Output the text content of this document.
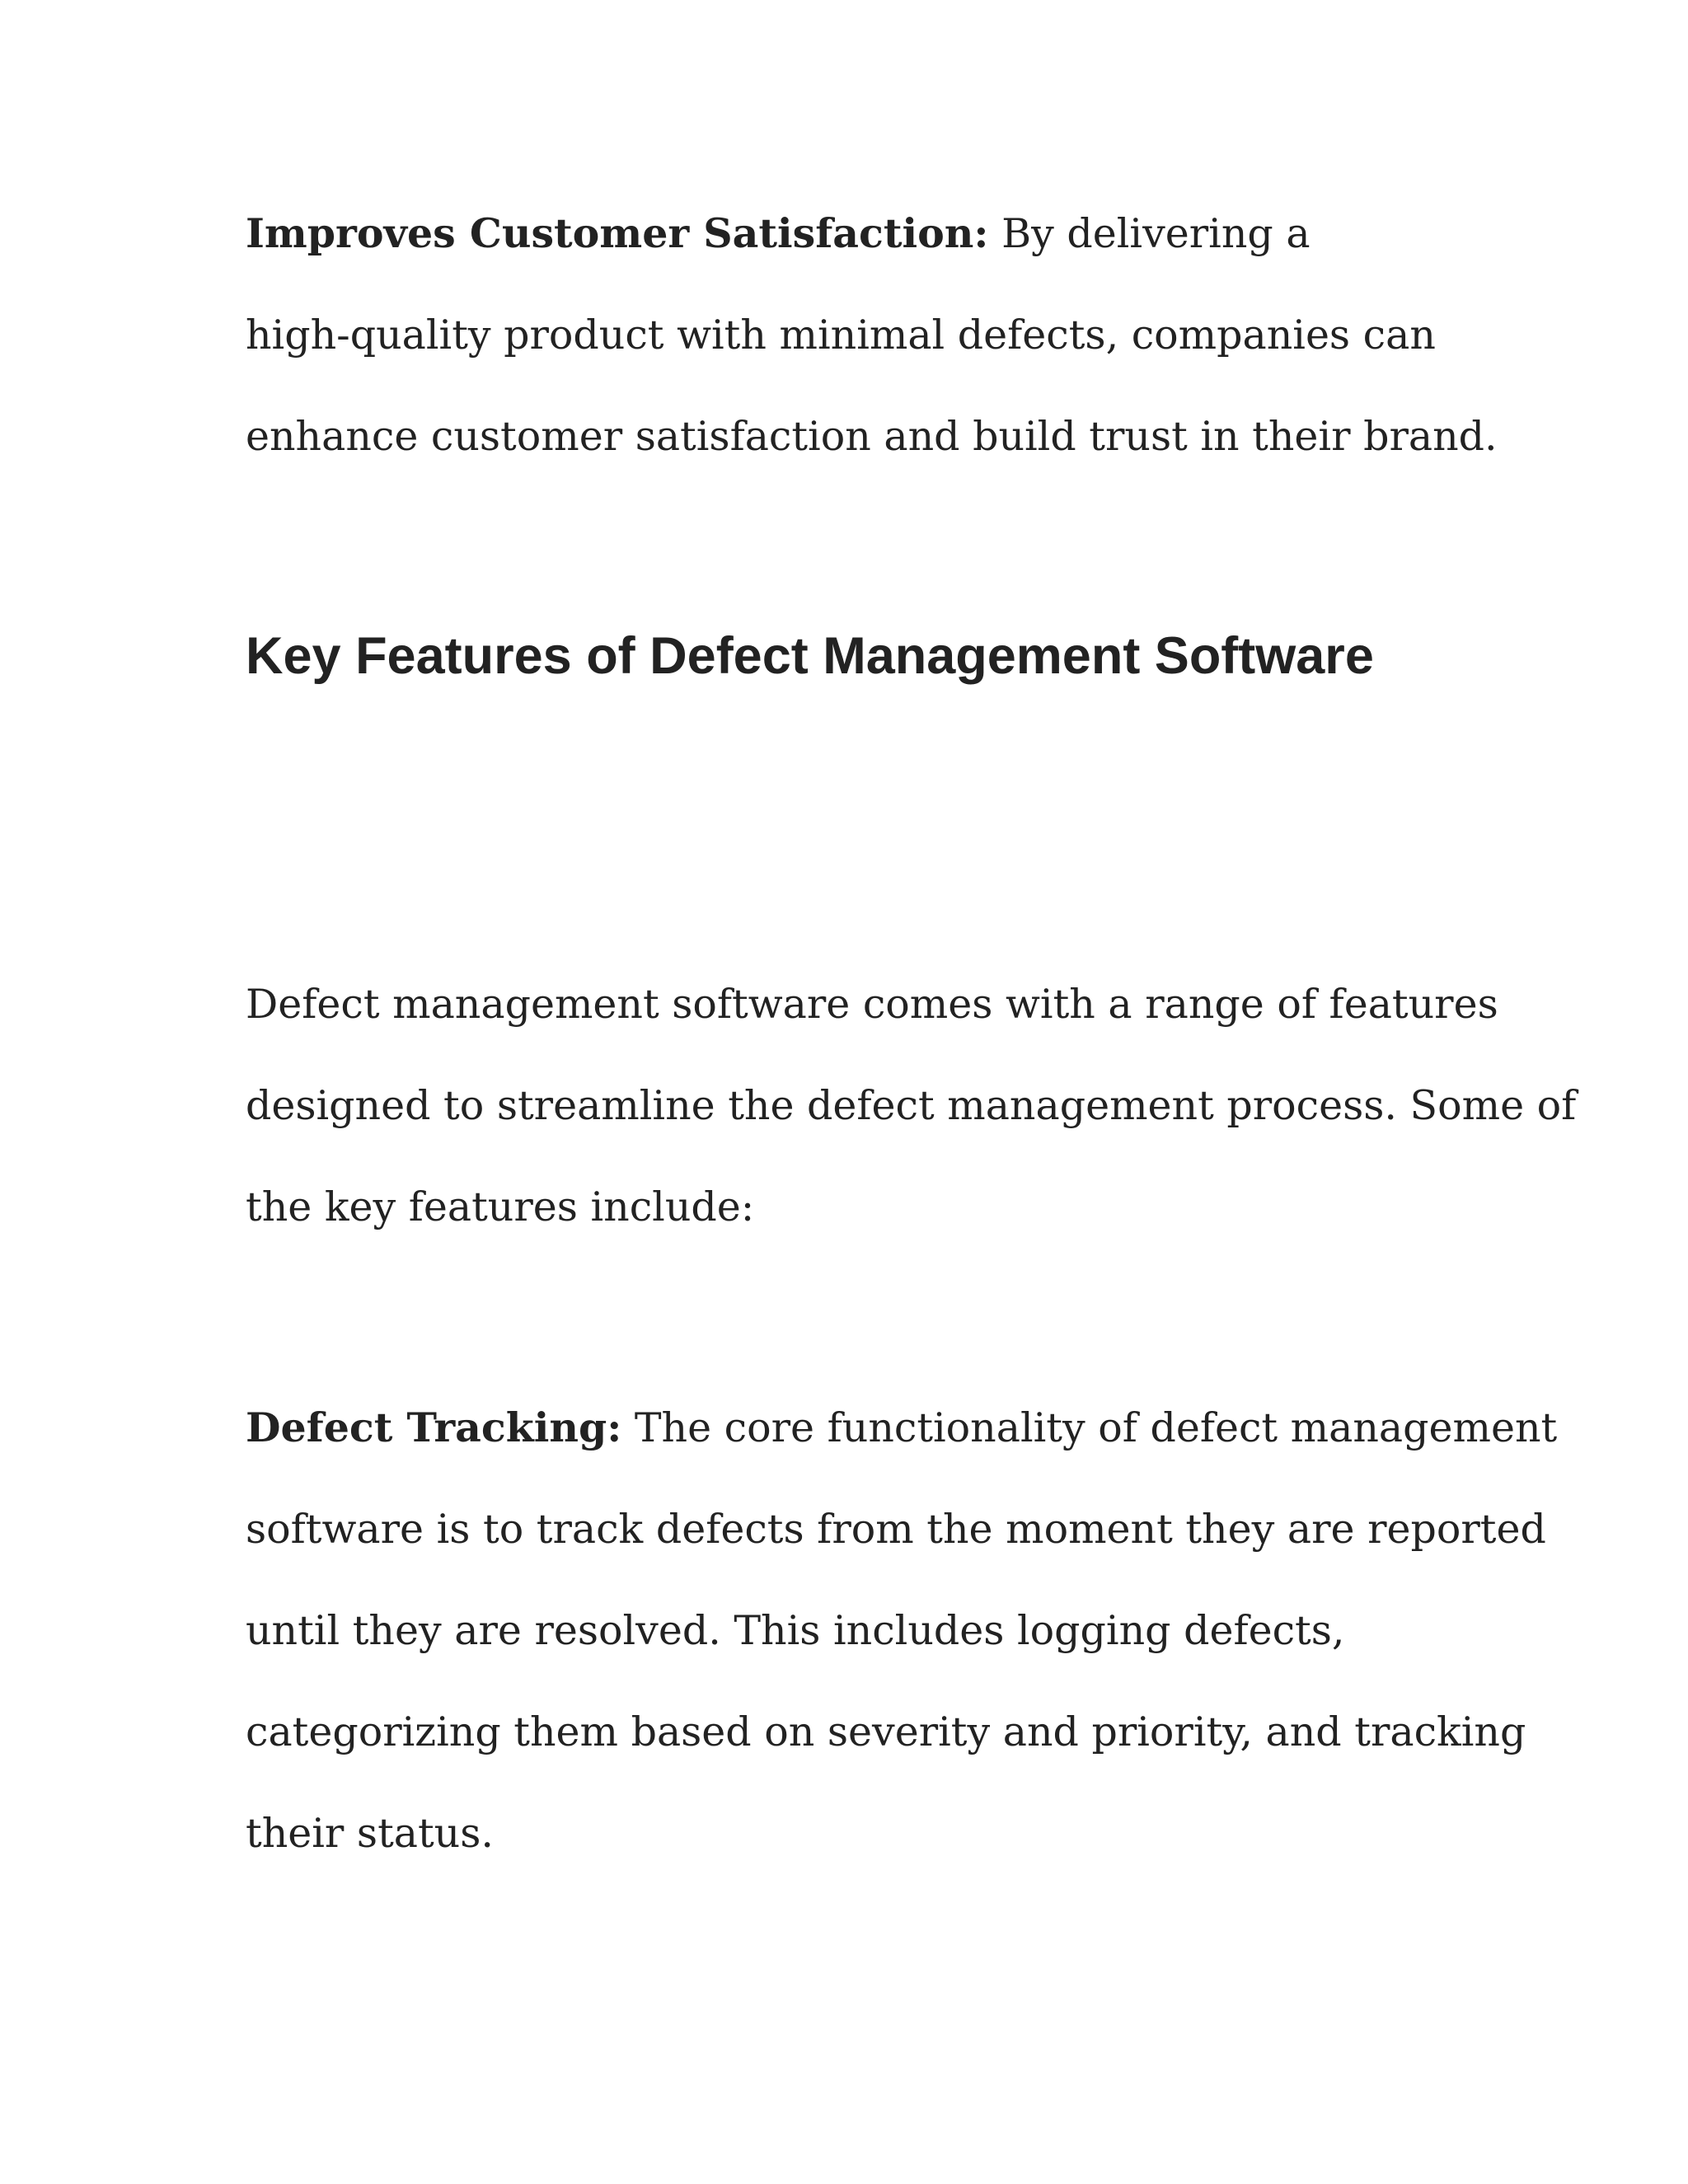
Improves Customer Satisfaction: By delivering a
high-quality product with minimal defects, companies can
enhance customer satisfaction and build trust in their brand.
Key Features of Defect Management Software
Defect management software comes with a range of features
designed to streamline the defect management process. Some of
the key features include:
Defect Tracking: The core functionality of defect management
software is to track defects from the moment they are reported
until they are resolved. This includes logging defects,
categorizing them based on severity and priority, and tracking
their status.
